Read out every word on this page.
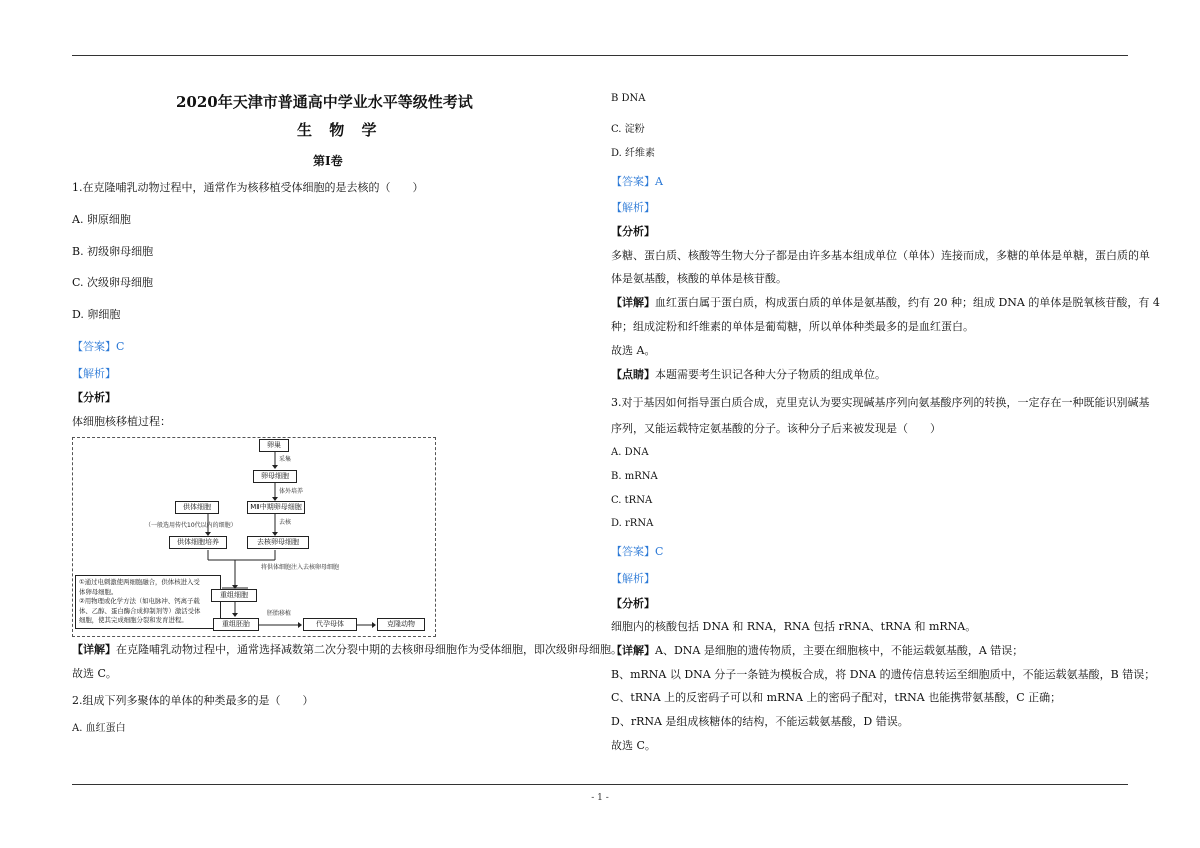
2020年天津市普通高中学业水平等级性考试
生 物 学
第Ⅰ卷
1.在克隆哺乳动物过程中，通常作为核移植受体细胞的是去核的（　　）
A. 卵原细胞
B. 初级卵母细胞
C. 次级卵母细胞
D. 卵细胞
【答案】C
【解析】
【分析】
体细胞核移植过程：
卵巢
采集
卵母细胞
体外培养
MⅡ中期卵母细胞
去核
供体细胞
（一般选用传代10代以内的细胞）
供体细胞培养	去核卵母细胞
将供体细胞注入去核卵母细胞
①通过电刺激使两细胞融合，供体核进入受
体卵母细胞。
②用物理或化学方法（如电脉冲、钙离子载
体、乙醇、蛋白酶合成抑制剂等）激活受体
细胞，使其完成细胞分裂和发育进程。
重组细胞
重组胚胎
胚胎移植
代孕母体	克隆动物
【详解】在克隆哺乳动物过程中，通常选择减数第二次分裂中期的去核卵母细胞作为受体细胞，即次级卵母细胞。
故选 C。
2.组成下列多聚体的单体的种类最多的是（　　）
A. 血红蛋白
B DNA
C. 淀粉
D. 纤维素
【答案】A
【解析】
【分析】
多糖、蛋白质、核酸等生物大分子都是由许多基本组成单位（单体）连接而成，多糖的单体是单糖，蛋白质的单
体是氨基酸，核酸的单体是核苷酸。
【详解】血红蛋白属于蛋白质，构成蛋白质的单体是氨基酸，约有 20 种；组成 DNA 的单体是脱氧核苷酸，有 4
种；组成淀粉和纤维素的单体是葡萄糖，所以单体种类最多的是血红蛋白。
故选 A。
【点睛】本题需要考生识记各种大分子物质的组成单位。
3.对于基因如何指导蛋白质合成，克里克认为要实现碱基序列向氨基酸序列的转换，一定存在一种既能识别碱基
序列，又能运载特定氨基酸的分子。该种分子后来被发现是（　　）
A. DNA
B. mRNA
C. tRNA
D. rRNA
【答案】C
【解析】
【分析】
细胞内的核酸包括 DNA 和 RNA，RNA 包括 rRNA、tRNA 和 mRNA。
【详解】A、DNA 是细胞的遗传物质，主要在细胞核中，不能运载氨基酸，A 错误；
B、mRNA 以 DNA 分子一条链为模板合成，将 DNA 的遗传信息转运至细胞质中，不能运载氨基酸，B 错误；
C、tRNA 上的反密码子可以和 mRNA 上的密码子配对，tRNA 也能携带氨基酸，C 正确；
D、rRNA 是组成核糖体的结构，不能运载氨基酸，D 错误。
故选 C。
- 1 -
